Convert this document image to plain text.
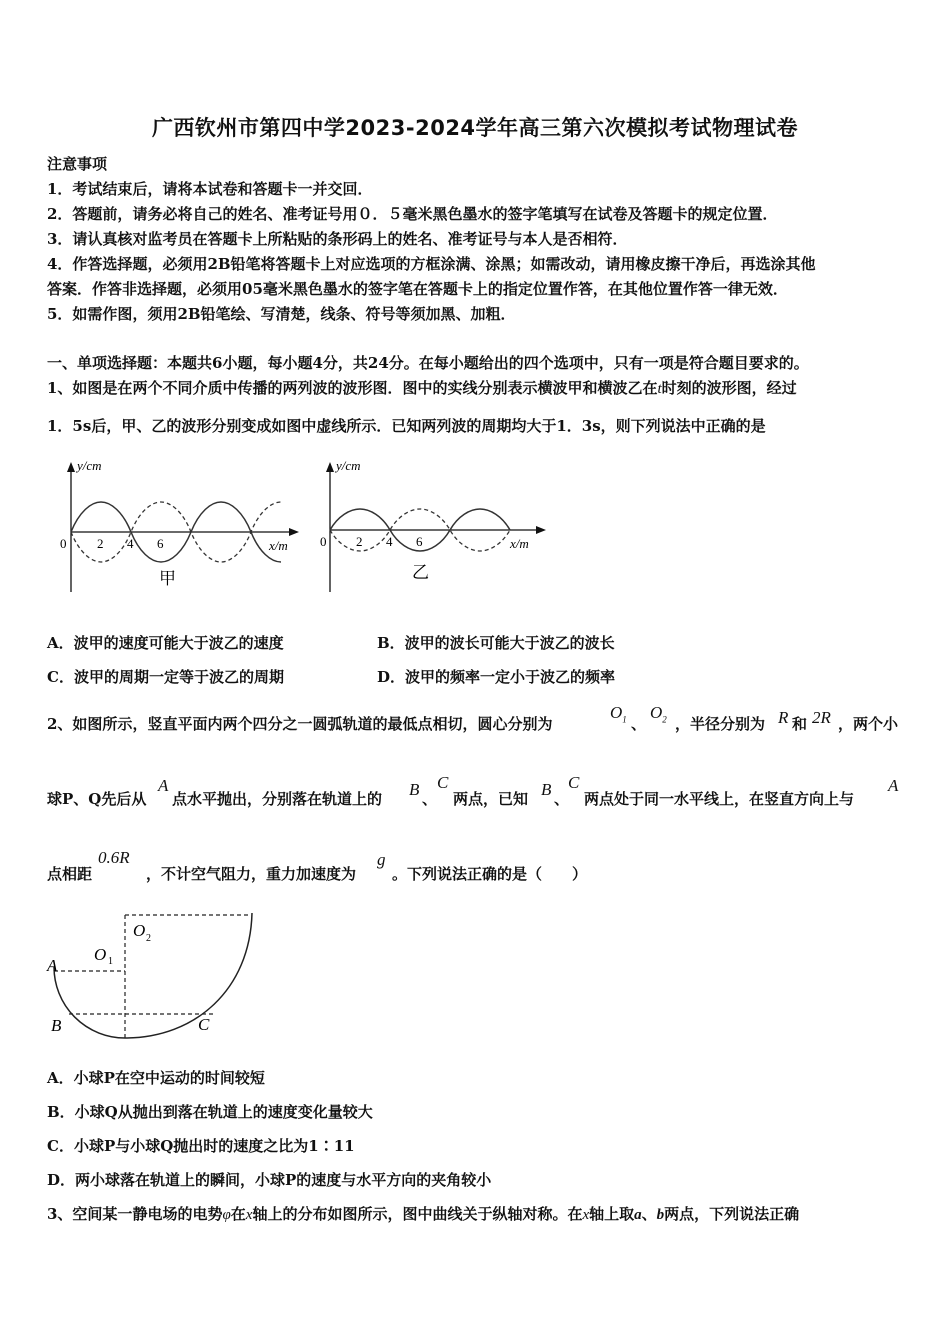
广西钦州市第四中学2023-2024学年高三第六次模拟考试物理试卷
注意事项
1．考试结束后，请将本试卷和答题卡一并交回．
2．答题前，请务必将自己的姓名、准考证号用０．５毫米黑色墨水的签字笔填写在试卷及答题卡的规定位置．
3．请认真核对监考员在答题卡上所粘贴的条形码上的姓名、准考证号与本人是否相符．
4．作答选择题，必须用2B铅笔将答题卡上对应选项的方框涂满、涂黑；如需改动，请用橡皮擦干净后，再选涂其他
答案．作答非选择题，必须用05毫米黑色墨水的签字笔在答题卡上的指定位置作答，在其他位置作答一律无效．
5．如需作图，须用2B铅笔绘、写清楚，线条、符号等须加黑、加粗．
一、单项选择题：本题共6小题，每小题4分，共24分。在每小题给出的四个选项中，只有一项是符合题目要求的。
1、如图是在两个不同介质中传播的两列波的波形图．图中的实线分别表示横波甲和横波乙在t时刻的波形图，经过
1．5s后，甲、乙的波形分别变成如图中虚线所示．已知两列波的周期均大于1．3s，则下列说法中正确的是
y/cm
x/m
0 2 4 6
甲
y/cm
x/m
0 2 4 6
乙
A．波甲的速度可能大于波乙的速度	B．波甲的波长可能大于波乙的波长
C．波甲的周期一定等于波乙的周期	D．波甲的频率一定小于波乙的频率
2、如图所示，竖直平面内两个四分之一圆弧轨道的最低点相切，圆心分别为
$O_1$ 、
$O_2$ ，半径分别为 R 和 2R ，两个小
球P、Q先后从
A
点水平抛出，分别落在轨道上的 B 、
C
两点，已知 B 、
C
两点处于同一水平线上，在竖直方向上与
A
点相距
0.6R
，不计空气阻力，重力加速度为
g
。下列说法正确的是（　　）
A
B	C
O 1
O 2
A．小球P在空中运动的时间较短
B．小球Q从抛出到落在轨道上的速度变化量较大
C．小球P与小球Q抛出时的速度之比为1∶11
D．两小球落在轨道上的瞬间，小球P的速度与水平方向的夹角较小
3、空间某一静电场的电势φ在x轴上的分布如图所示，图中曲线关于纵轴对称。在x轴上取a、b两点，下列说法正确
